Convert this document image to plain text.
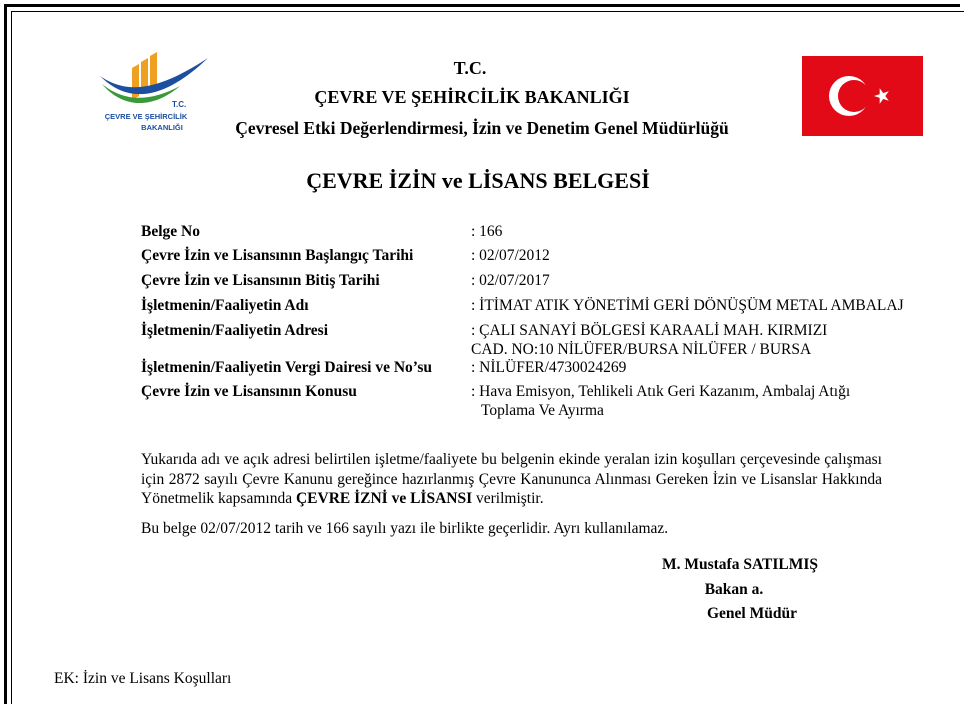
T.C.
ÇEVRE VE ŞEHİRCİLİK
BAKANLIĞI
T.C.
ÇEVRE VE ŞEHİRCİLİK BAKANLIĞI
Çevresel Etki Değerlendirmesi, İzin ve Denetim Genel Müdürlüğü
ÇEVRE İZİN ve LİSANS BELGESİ
Belge No	: 166
Çevre İzin ve Lisansının Başlangıç Tarihi	: 02/07/2012
Çevre İzin ve Lisansının Bitiş Tarihi	: 02/07/2017
İşletmenin/Faaliyetin Adı	: İTİMAT ATIK YÖNETİMİ GERİ DÖNÜŞÜM METAL AMBALAJ
İşletmenin/Faaliyetin Adresi	: ÇALI SANAYİ BÖLGESİ KARAALİ MAH. KIRMIZI
CAD. NO:10 NİLÜFER/BURSA NİLÜFER / BURSA
İşletmenin/Faaliyetin Vergi Dairesi ve No’su	: NİLÜFER/4730024269
Çevre İzin ve Lisansının Konusu	: Hava Emisyon, Tehlikeli Atık Geri Kazanım, Ambalaj Atığı
Toplama Ve Ayırma
Yukarıda adı ve açık adresi belirtilen işletme/faaliyete bu belgenin ekinde yeralan izin koşulları çerçevesinde çalışması için 2872 sayılı Çevre Kanunu gereğince hazırlanmış Çevre Kanununca Alınması Gereken İzin ve Lisanslar Hakkında Yönetmelik kapsamında ÇEVRE İZNİ ve LİSANSI verilmiştir.
Bu belge 02/07/2012 tarih ve 166 sayılı yazı ile birlikte geçerlidir. Ayrı kullanılamaz.
M. Mustafa SATILMIŞ
Bakan a.
Genel Müdür
EK: İzin ve Lisans Koşulları
